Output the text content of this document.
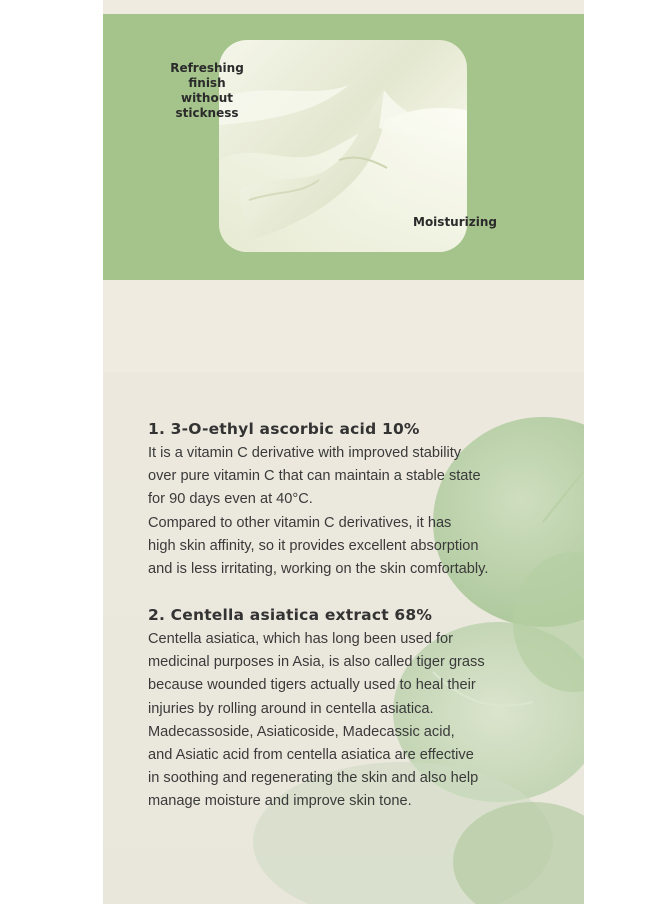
Refreshing
finish
without
stickness
Moisturizing
1. 3-O-ethyl ascorbic acid 10%

It is a vitamin C derivative with improved stability
over pure vitamin C that can maintain a stable state
for 90 days even at 40°C.
Compared to other vitamin C derivatives, it has
high skin affinity, so it provides excellent absorption
and is less irritating, working on the skin comfortably.

2. Centella asiatica extract 68%

Centella asiatica, which has long been used for
medicinal purposes in Asia, is also called tiger grass
because wounded tigers actually used to heal their
injuries by rolling around in centella asiatica.
Madecassoside, Asiaticoside, Madecassic acid,
and Asiatic acid from centella asiatica are effective
in soothing and regenerating the skin and also help
manage moisture and improve skin tone.
